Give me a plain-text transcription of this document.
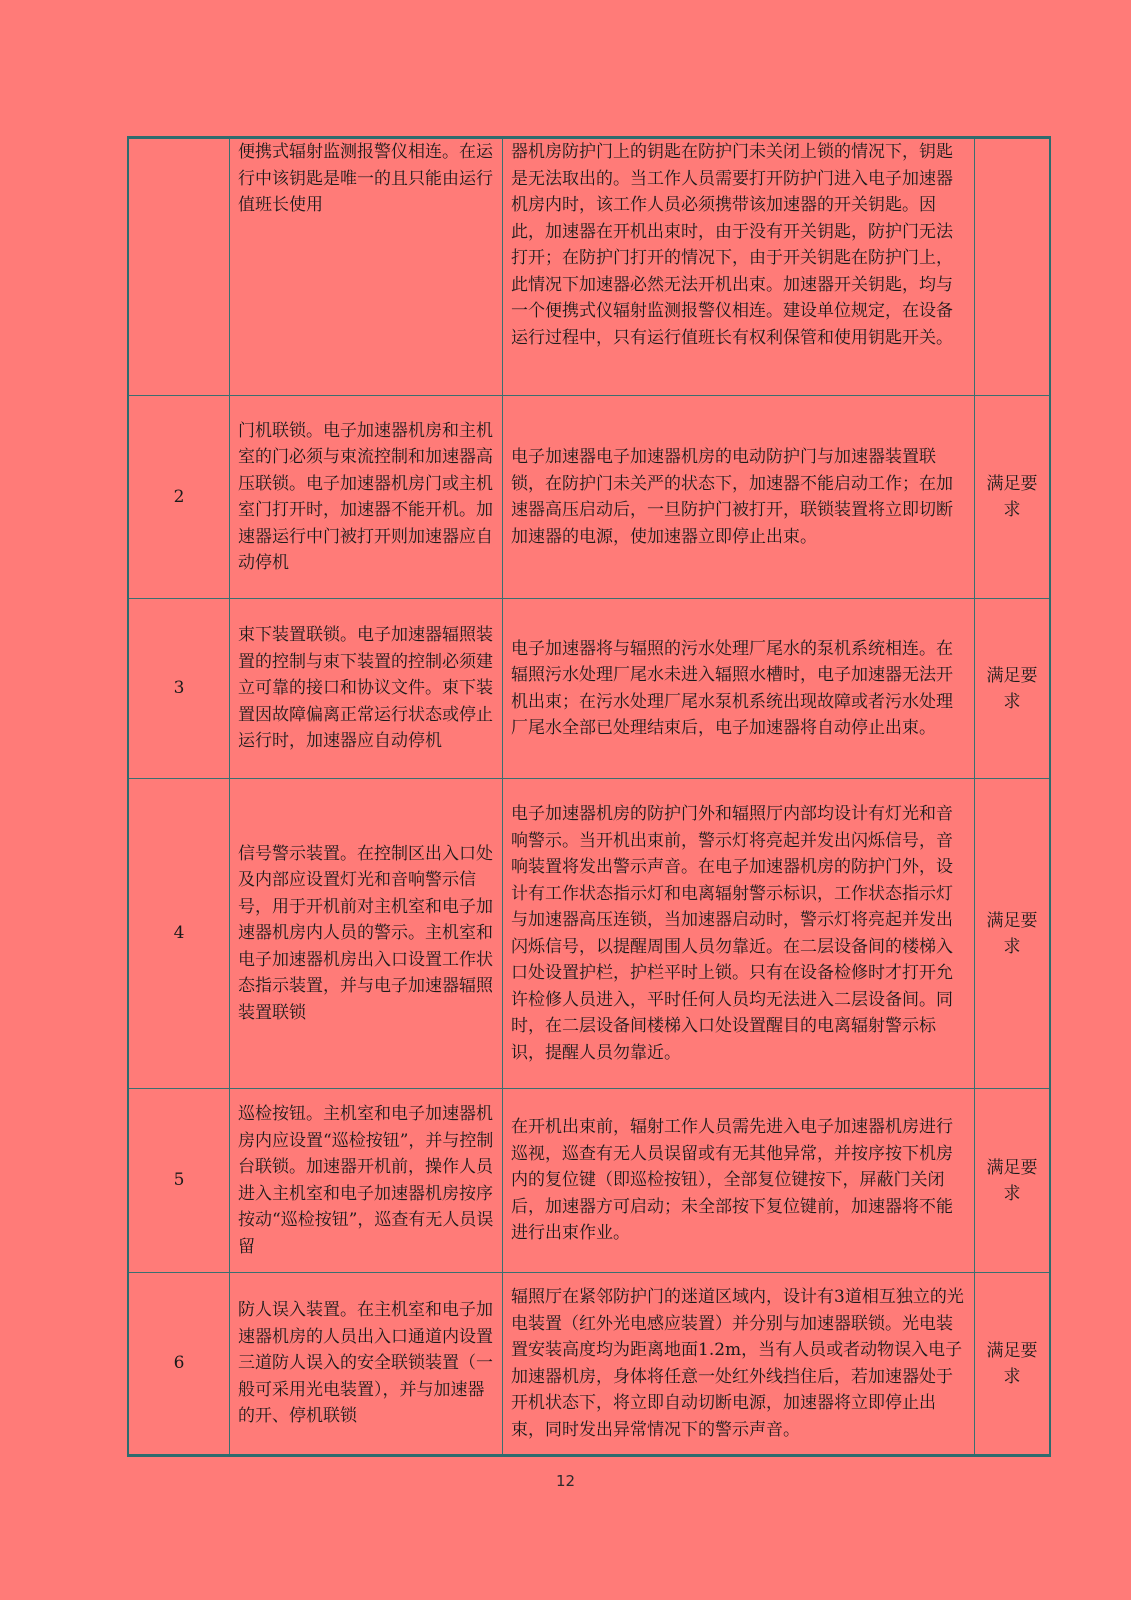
	便携式辐射监测报警仪相连。在运行中该钥匙是唯一的且只能由运行值班长使用	器机房防护门上的钥匙在防护门未关闭上锁的情况下，钥匙是无法取出的。当工作人员需要打开防护门进入电子加速器机房内时，该工作人员必须携带该加速器的开关钥匙。因此，加速器在开机出束时，由于没有开关钥匙，防护门无法打开；在防护门打开的情况下，由于开关钥匙在防护门上，此情况下加速器必然无法开机出束。加速器开关钥匙，均与一个便携式仪辐射监测报警仪相连。建设单位规定，在设备运行过程中，只有运行值班长有权利保管和使用钥匙开关。	
2	门机联锁。电子加速器机房和主机室的门必须与束流控制和加速器高压联锁。电子加速器机房门或主机室门打开时，加速器不能开机。加速器运行中门被打开则加速器应自动停机	电子加速器电子加速器机房的电动防护门与加速器装置联锁，在防护门未关严的状态下，加速器不能启动工作；在加速器高压启动后，一旦防护门被打开，联锁装置将立即切断加速器的电源，使加速器立即停止出束。	满足要求
3	束下装置联锁。电子加速器辐照装置的控制与束下装置的控制必须建立可靠的接口和协议文件。束下装置因故障偏离正常运行状态或停止运行时，加速器应自动停机	电子加速器将与辐照的污水处理厂尾水的泵机系统相连。在辐照污水处理厂尾水未进入辐照水槽时，电子加速器无法开机出束；在污水处理厂尾水泵机系统出现故障或者污水处理厂尾水全部已处理结束后，电子加速器将自动停止出束。	满足要求
4	信号警示装置。在控制区出入口处及内部应设置灯光和音响警示信号，用于开机前对主机室和电子加速器机房内人员的警示。主机室和电子加速器机房出入口设置工作状态指示装置，并与电子加速器辐照装置联锁	电子加速器机房的防护门外和辐照厅内部均设计有灯光和音响警示。当开机出束前，警示灯将亮起并发出闪烁信号，音响装置将发出警示声音。在电子加速器机房的防护门外，设计有工作状态指示灯和电离辐射警示标识，工作状态指示灯与加速器高压连锁，当加速器启动时，警示灯将亮起并发出闪烁信号，以提醒周围人员勿靠近。在二层设备间的楼梯入口处设置护栏，护栏平时上锁。只有在设备检修时才打开允许检修人员进入，平时任何人员均无法进入二层设备间。同时，在二层设备间楼梯入口处设置醒目的电离辐射警示标识，提醒人员勿靠近。	满足要求
5	巡检按钮。主机室和电子加速器机房内应设置“巡检按钮”，并与控制台联锁。加速器开机前，操作人员进入主机室和电子加速器机房按序按动“巡检按钮”，巡查有无人员误留	在开机出束前，辐射工作人员需先进入电子加速器机房进行巡视，巡查有无人员误留或有无其他异常，并按序按下机房内的复位键（即巡检按钮），全部复位键按下，屏蔽门关闭后，加速器方可启动；未全部按下复位键前，加速器将不能进行出束作业。	满足要求
6	防人误入装置。在主机室和电子加速器机房的人员出入口通道内设置三道防人误入的安全联锁装置（一般可采用光电装置），并与加速器的开、停机联锁	辐照厅在紧邻防护门的迷道区域内，设计有3道相互独立的光电装置（红外光电感应装置）并分别与加速器联锁。光电装置安装高度均为距离地面1.2m，当有人员或者动物误入电子加速器机房，身体将任意一处红外线挡住后，若加速器处于开机状态下，将立即自动切断电源，加速器将立即停止出束，同时发出异常情况下的警示声音。	满足要求
12
